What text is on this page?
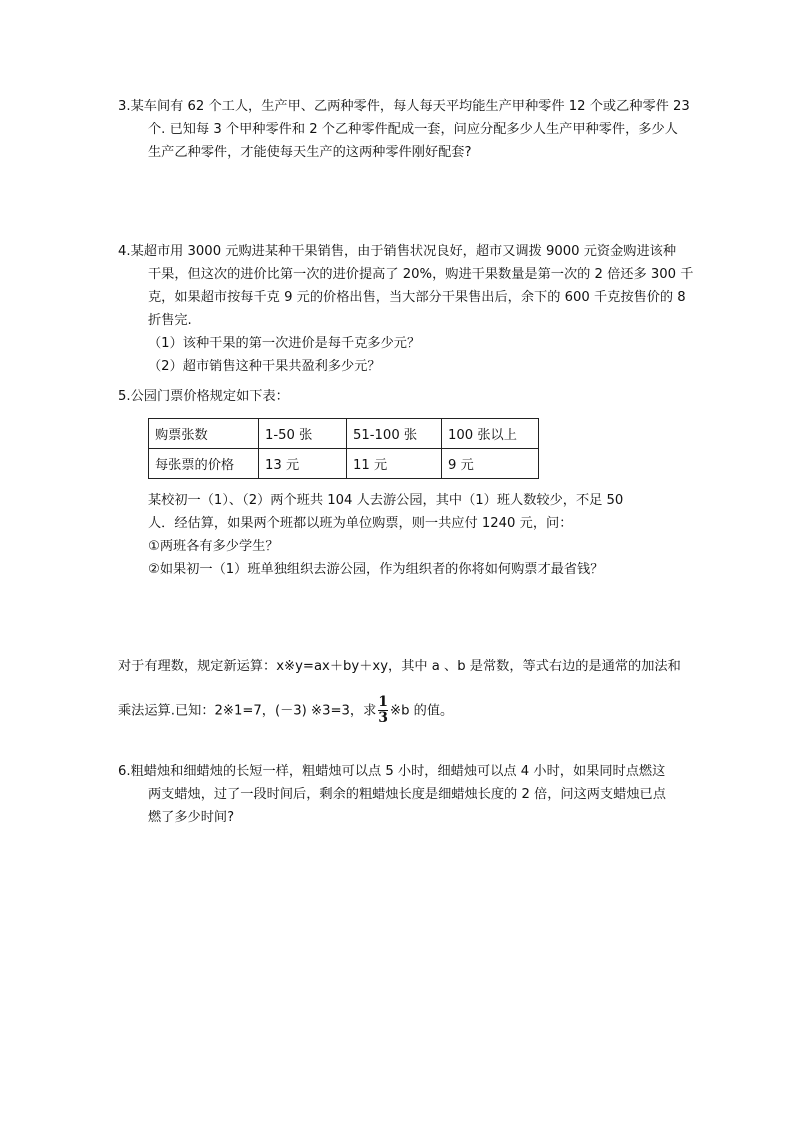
3.某车间有 62 个工人，生产甲、乙两种零件，每人每天平均能生产甲种零件 12 个或乙种零件 23
个. 已知每 3 个甲种零件和 2 个乙种零件配成一套，问应分配多少人生产甲种零件，多少人
生产乙种零件，才能使每天生产的这两种零件刚好配套?
4.某超市用 3000 元购进某种干果销售，由于销售状况良好，超市又调拨 9000 元资金购进该种
干果，但这次的进价比第一次的进价提高了 20%，购进干果数量是第一次的 2 倍还多 300 千
克，如果超市按每千克 9 元的价格出售，当大部分干果售出后，余下的 600 千克按售价的 8
折售完.
（1）该种干果的第一次进价是每千克多少元？
（2）超市销售这种干果共盈利多少元？
5.公园门票价格规定如下表：
购票张数	1-50 张	51-100 张	100 张以上
每张票的价格	13 元	11 元	9 元
某校初一（1）、（2）两个班共 104 人去游公园，其中（1）班人数较少，不足 50
人．经估算，如果两个班都以班为单位购票，则一共应付 1240 元，问：
①两班各有多少学生？
②如果初一（1）班单独组织去游公园，作为组织者的你将如何购票才最省钱？
对于有理数，规定新运算：x※y=ax＋by＋xy，其中 a 、b 是常数，等式右边的是通常的加法和
乘法运算.已知：2※1=7，(－3) ※3=3，求 $\frac{1}{3}$ ※b 的值。
6.粗蜡烛和细蜡烛的长短一样，粗蜡烛可以点 5 小时，细蜡烛可以点 4 小时，如果同时点燃这
两支蜡烛，过了一段时间后，剩余的粗蜡烛长度是细蜡烛长度的 2 倍，问这两支蜡烛已点
燃了多少时间?
